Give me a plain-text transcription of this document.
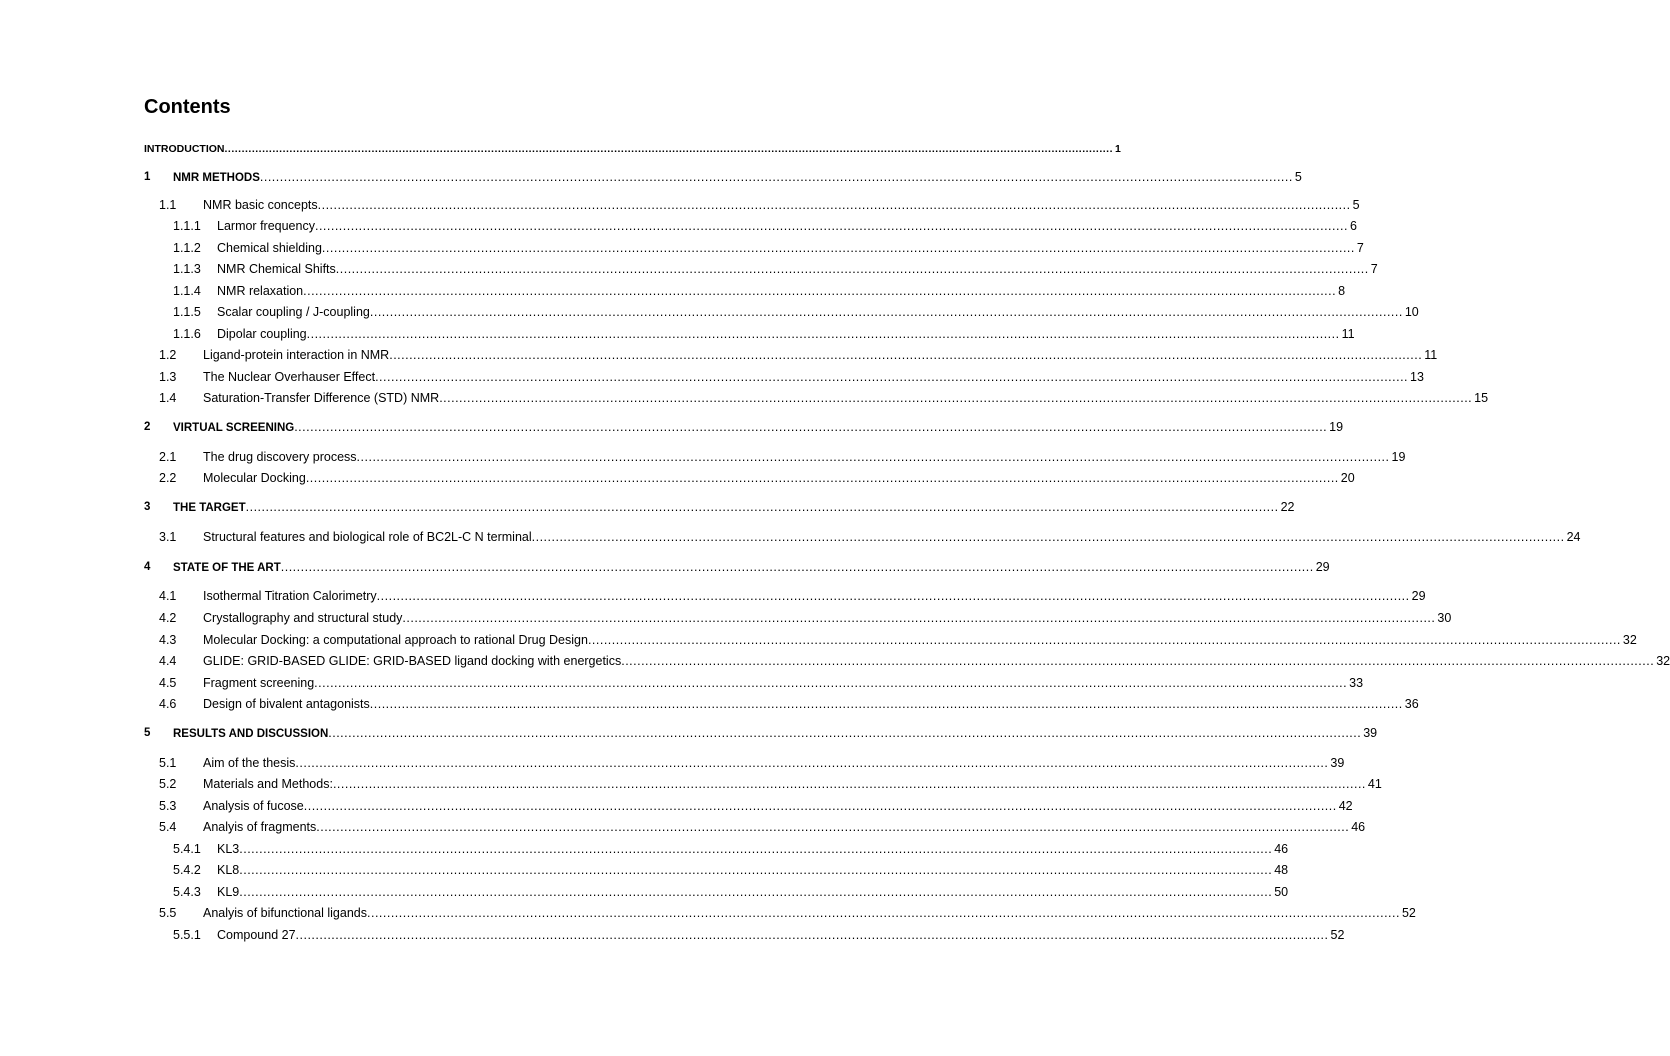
Contents
INTRODUCTION .................................................................................................................................................................................................................................................................... 1
1 NMR METHODS .................................................................................................................................................................................................................................................................... 5
1.1 NMR basic concepts .................................................................................................................................................................................................................................................................... 5
1.1.1 Larmor frequency .................................................................................................................................................................................................................................................................... 6
1.1.2 Chemical shielding .................................................................................................................................................................................................................................................................... 7
1.1.3 NMR Chemical Shifts .................................................................................................................................................................................................................................................................... 7
1.1.4 NMR relaxation .................................................................................................................................................................................................................................................................... 8
1.1.5 Scalar coupling / J-coupling .................................................................................................................................................................................................................................................................... 10
1.1.6 Dipolar coupling .................................................................................................................................................................................................................................................................... 11
1.2 Ligand-protein interaction in NMR .................................................................................................................................................................................................................................................................... 11
1.3 The Nuclear Overhauser Effect .................................................................................................................................................................................................................................................................... 13
1.4 Saturation-Transfer Difference (STD) NMR .................................................................................................................................................................................................................................................................... 15
2 VIRTUAL SCREENING .................................................................................................................................................................................................................................................................... 19
2.1 The drug discovery process .................................................................................................................................................................................................................................................................... 19
2.2 Molecular Docking .................................................................................................................................................................................................................................................................... 20
3 THE TARGET .................................................................................................................................................................................................................................................................... 22
3.1 Structural features and biological role of BC2L-C N terminal .................................................................................................................................................................................................................................................................... 24
4 STATE OF THE ART .................................................................................................................................................................................................................................................................... 29
4.1 Isothermal Titration Calorimetry .................................................................................................................................................................................................................................................................... 29
4.2 Crystallography and structural study .................................................................................................................................................................................................................................................................... 30
4.3 Molecular Docking: a computational approach to rational Drug Design .................................................................................................................................................................................................................................................................... 32
4.4 GLIDE: GRID-BASED GLIDE: GRID-BASED ligand docking with energetics .................................................................................................................................................................................................................................................................... 32
4.5 Fragment screening .................................................................................................................................................................................................................................................................... 33
4.6 Design of bivalent antagonists .................................................................................................................................................................................................................................................................... 36
5 RESULTS AND DISCUSSION .................................................................................................................................................................................................................................................................... 39
5.1 Aim of the thesis .................................................................................................................................................................................................................................................................... 39
5.2 Materials and Methods: .................................................................................................................................................................................................................................................................... 41
5.3 Analysis of fucose .................................................................................................................................................................................................................................................................... 42
5.4 Analyis of fragments .................................................................................................................................................................................................................................................................... 46
5.4.1 KL3 .................................................................................................................................................................................................................................................................... 46
5.4.2 KL8 .................................................................................................................................................................................................................................................................... 48
5.4.3 KL9 .................................................................................................................................................................................................................................................................... 50
5.5 Analyis of bifunctional ligands .................................................................................................................................................................................................................................................................... 52
5.5.1 Compound 27 .................................................................................................................................................................................................................................................................... 52
